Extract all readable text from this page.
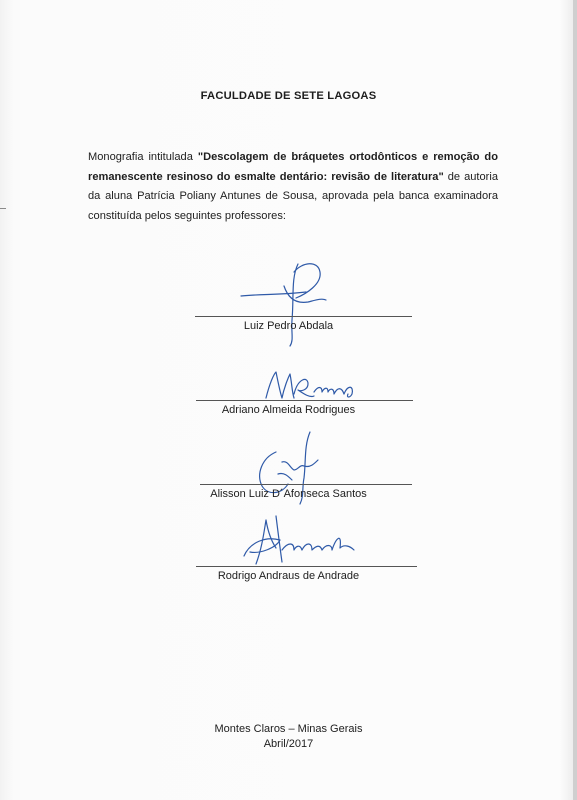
FACULDADE DE SETE LAGOAS
Monografia intitulada "Descolagem de bráquetes ortodônticos e remoção do remanescente resinoso do esmalte dentário: revisão de literatura" de autoria da aluna Patrícia Poliany Antunes de Sousa, aprovada pela banca examinadora constituída pelos seguintes professores:
Luiz Pedro Abdala
Adriano Almeida Rodrigues
Alisson Luiz D´Afonseca Santos
Rodrigo Andraus de Andrade
Montes Claros – Minas Gerais
Abril/2017
